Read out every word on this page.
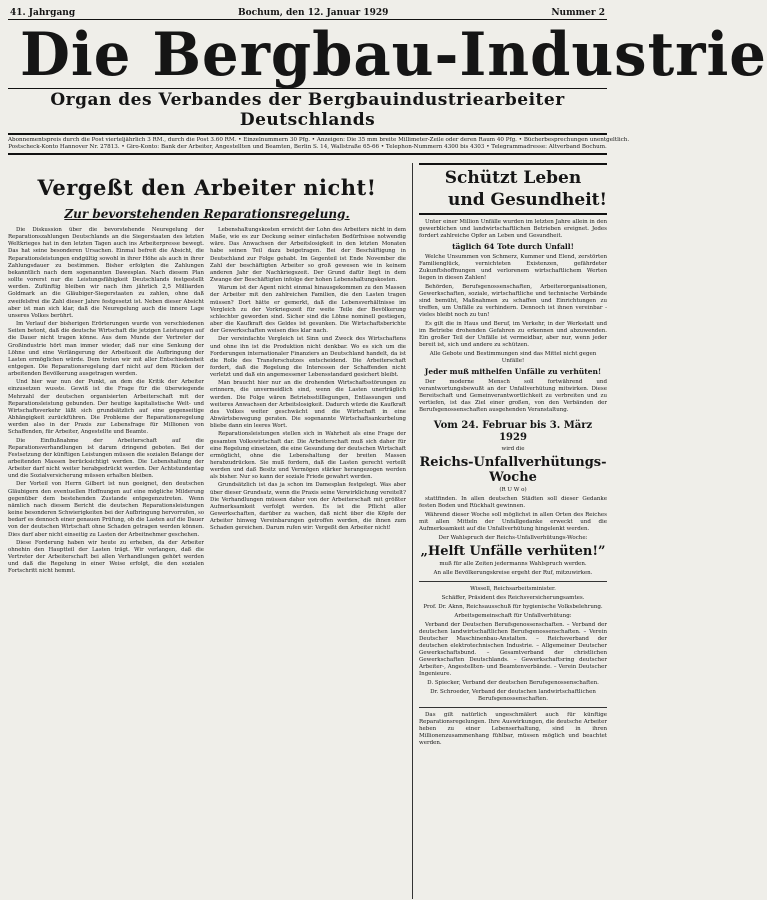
41. Jahrgang	Bochum, den 12. Januar 1929	Nummer 2
Die Bergbau-Industrie
Organ des Verbandes der Bergbauindustriearbeiter Deutschlands
Abonnementspreis durch die Post vierteljährlich 3 RM., durch die Post 3.60 RM. • Einzelnummern 30 Pfg. • Anzeigen: Die 35 mm breite Millimeter-Zeile oder deren Raum 40 Pfg. • Bücherbesprechungen unentgeltlich.
Postscheck-Konto Hannover Nr. 27813. • Giro-Konto: Bank der Arbeiter, Angestellten und Beamten, Berlin S. 14, Wallstraße 65-66 • Telephon-Nummern 4300 bis 4303 • Telegrammadresse: Altverband Bochum.
Vergeßt den Arbeiter nicht!
Zur bevorstehenden Reparationsregelung.

Die Diskussion über die bevorstehende Neuregelung der Reparationszahlungen Deutschlands an die Siegerstaaten des letzten Weltkrieges hat in den letzten Tagen auch ins Arbeiterpresse bewegt. Das hat seine besonderen Ursachen. Einmal befreit die Absicht, die Reparationsleistungen endgültig sowohl in ihrer Höhe als auch in ihrer Zahlungsdauer zu bestimmen. Bisher erfolgten die Zahlungen bekanntlich nach dem sogenannten Dawesplan. Nach diesem Plan sollte vorerst nur die Leistungsfähigkeit Deutschlands festgestellt werden. Zufünftig bleiben wir nach ihm jährlich 2,5 Milliarden Goldmark an die Gläubiger-Siegerstaaten zu zahlen, ohne daß zweifelsfrei die Zahl dieser Jahre festgesetzt ist. Neben dieser Absicht aber ist man sich klar, daß die Neuregelung auch die innere Lage unseres Volkes berührt.

Im Verlauf der bisherigen Erörterungen wurde von verschiedenen Seiten betont, daß die deutsche Wirtschaft die jetzigen Leistungen auf die Dauer nicht tragen könne. Aus dem Munde der Vertreter der Großindustrie hört man immer wieder, daß nur eine Senkung der Löhne und eine Verlängerung der Arbeitszeit die Aufbringung der Lasten ermöglichen würde. Dem treten wir mit aller Entschiedenheit entgegen. Die Reparationsregelung darf nicht auf dem Rücken der arbeitenden Bevölkerung ausgetragen werden.

Und hier war nun der Punkt, an dem die Kritik der Arbeiter einzusetzen wusste. Gewiß ist die Frage für die überwiegende Mehrzahl der deutschen organisierten Arbeiterschaft mit der Reparationsleistung gebunden. Der heutige kapitalistische Welt- und Wirtschaftsverkehr läßt sich grundsätzlich auf eine gegenseitige Abhängigkeit zurückführen. Die Probleme der Reparationsregelung werden also in der Praxis zur Lebensfrage für Millionen von Schaffenden, für Arbeiter, Angestellte und Beamte.

Die Einflußnahme der Arbeiterschaft auf die Reparationsverhandlungen ist darum dringend geboten. Bei der Festsetzung der künftigen Leistungen müssen die sozialen Belange der arbeitenden Massen berücksichtigt werden. Die Lebenshaltung der Arbeiter darf nicht weiter herabgedrückt werden. Der Achtstundentag und die Sozialversicherung müssen erhalten bleiben.

Der Vorteil von Herrn Gilbert ist nun geeignet, den deutschen Gläubigern den eventuellen Hoffnungen auf eine mögliche Milderung gegenüber dem bestehenden Zustande entgegenzutreten. Wenn nämlich nach diesem Bericht die deutschen Reparationsleistungen keine besonderen Schwierigkeiten bei der Aufbringung hervorrufen, so bedarf es dennoch einer genauen Prüfung, ob die Lasten auf die Dauer von der deutschen Wirtschaft ohne Schaden getragen werden können. Dies darf aber nicht einseitig zu Lasten der Arbeitnehmer geschehen.

Diese Forderung haben wir heute zu erheben, da der Arbeiter ohnehin den Hauptteil der Lasten trägt. Wir verlangen, daß die Vertreter der Arbeiterschaft bei allen Verhandlungen gehört werden und daß die Regelung in einer Weise erfolgt, die den sozialen Fortschritt nicht hemmt.

Lebenshaltungskosten erreicht der Lohn des Arbeiters nicht in dem Maße, wie es zur Deckung seiner einfachsten Bedürfnisse notwendig wäre. Das Anwachsen der Arbeitslosigkeit in den letzten Monaten habe seinen Teil dazu beigetragen. Bei der Beschäftigung in Deutschland zur Folge gehabt. Im Gegenteil ist Ende November die Zahl der beschäftigten Arbeiter so groß gewesen wie in keinem anderen Jahr der Nachkriegszeit. Der Grund dafür liegt in dem Zwange der Beschäftigten infolge der hohen Lebenshaltungskosten.

Warum ist der Agent nicht einmal hinausgekommen zu den Massen der Arbeiter mit den zahlreichen Familien, die den Lasten tragen müssen? Dort hätte er gemerkt, daß die Lebensverhältnisse im Vergleich zu der Vorkriegszeit für weite Teile der Bevölkerung schlechter geworden sind. Sicher sind die Löhne nominell gestiegen, aber die Kaufkraft des Geldes ist gesunken. Die Wirtschaftsberichte der Gewerkschaften weisen dies klar nach.

Der vereinfachte Vergleich ist Sinn und Zweck des Wirtschaftens und ohne ihn ist die Produktion nicht denkbar. Wo es sich um die Forderungen internationaler Finanziers an Deutschland handelt, da ist die Rolle des Transferschutzes entscheidend. Die Arbeiterschaft fordert, daß die Regelung die Interessen der Schaffenden nicht verletzt und daß ein angemessener Lebensstandard gesichert bleibt.

Man braucht hier nur an die drohenden Wirtschaftsstörungen zu erinnern, die unvermeidlich sind, wenn die Lasten unerträglich werden. Die Folge wären Betriebsstilllegungen, Entlassungen und weiteres Anwachsen der Arbeitslosigkeit. Dadurch würde die Kaufkraft des Volkes weiter geschwächt und die Wirtschaft in eine Abwärtsbewegung geraten. Die sogenannte Wirtschaftsankurbelung bliebe dann ein leeres Wort.

Reparationsleistungen stellen sich in Wahrheit als eine Frage der gesamten Volkswirtschaft dar. Die Arbeiterschaft muß sich daher für eine Regelung einsetzen, die eine Gesundung der deutschen Wirtschaft ermöglicht, ohne die Lebenshaltung der breiten Massen herabzudrücken. Sie muß fordern, daß die Lasten gerecht verteilt werden und daß Besitz und Vermögen stärker herangezogen werden als bisher. Nur so kann der soziale Friede gewahrt werden.

Grundsätzlich ist das ja schon im Damesplan festgelegt. Was aber über dieser Grundsatz, wenn die Praxis seine Verwirklichung vereitelt? Die Verhandlungen müssen daher von der Arbeiterschaft mit größter Aufmerksamkeit verfolgt werden. Es ist die Pflicht aller Gewerkschaften, darüber zu wachen, daß nicht über die Köpfe der Arbeiter hinweg Vereinbarungen getroffen werden, die ihnen zum Schaden gereichen. Darum rufen wir: Vergeßt den Arbeiter nicht!

Schützt Leben
und Gesundheit!

Unter einer Million Unfälle wurden im letzten Jahre allein in den gewerblichen und landwirtschaftlichen Betrieben ereignet. Jedes fordert zahlreiche Opfer an Leben und Gesundheit.

täglich 64 Tote durch Unfall!

Welche Unsummen von Schmerz, Kummer und Elend, zerstörten Familienglück, vernichteten Existenzen, gefährdeter Zukunftshoffnungen und verlorenem wirtschaftlichem Werten liegen in diesen Zahlen!

Behörden, Berufsgenossenschaften, Arbeiterorganisationen, Gewerkschaften, soziale, wirtschaftliche und technische Verbände sind bemüht, Maßnahmen zu schaffen und Einrichtungen zu treffen, um Unfälle zu verhindern. Dennoch ist ihnen vereinbar - vieles bleibt noch zu tun!

Es gilt die in Haus und Beruf, im Verkehr, in der Werkstatt und im Betriebe drohenden Gefahren zu erkennen und abzuwenden. Ein großer Teil der Unfälle ist vermeidbar, aber nur, wenn jeder bereit ist, sich und andere zu schützen.

Alle Gebote und Bestimmungen sind das Mittel nicht gegen Unfälle!

Jeder muß mithelfen Unfälle zu verhüten!

Der moderne Mensch soll fortwährend und verantwortungsbewußt an der Unfallverhütung mitwirken. Diese Bereitschaft und Gemeinverantwortlichkeit zu verbreiten und zu vertiefen, ist das Ziel einer großen, von den Verbänden der Berufsgenossenschaften ausgehenden Veranstaltung.

Vom 24. Februar bis 3. März 1929

wird die

Reichs-Unfallverhütungs-Woche

(R U W o)

stattfinden. In allen deutschen Städten soll dieser Gedanke festen Boden und Rückhalt gewinnen.

Während dieser Woche soll möglichst in allen Orten des Reiches mit allen Mitteln der Unfallgedanke erweckt und die Aufmerksamkeit auf die Unfallverhütung hingelenkt werden.

Der Wahlspruch der Reichs-Unfallverhütungs-Woche:

„Helft Unfälle verhüten!”

muß für alle Zeiten jedermanns Wahlspruch werden.

An alle Bevölkerungskreise ergeht der Ruf, mitzuwirken.

Wissell, Reichsarbeitsminister.

Schäffer, Präsident des Reichsversicherungsamtes.

Prof. Dr. Aknn, Reichsausschuß für hygienische Volksbelehrung.

Arbeitsgemeinschaft für Unfallverhütung:

Verband der Deutschen Berufsgenossenschaften. – Verband der deutschen landwirtschaftlichen Berufsgenossenschaften. – Verein Deutscher Maschinenbau-Anstalten. – Reichsverband der deutschen elektrotechnischen Industrie. – Allgemeiner Deutscher Gewerkschaftsbund. – Gesamtverband der christlichen Gewerkschaften Deutschlands. – Gewerkschaftsring deutscher Arbeiter-, Angestellten- und Beamtenverbände. – Verein Deutscher Ingenieure.

D. Spiecker, Verband der deutschen Berufsgenossenschaften.

Dr. Schroeder, Verband der deutschen landwirtschaftlichen Berufsgenossenschaften.

Das gilt natürlich ungeschmälert auch für künftige Reparationsregelungen. Ihre Auswirkungen, die deutsche Arbeiter heben zu einer Lebenserhaltung, sind in ihren Millionenzusammenhang fühlbar, müssen möglich und beachtet werden.
